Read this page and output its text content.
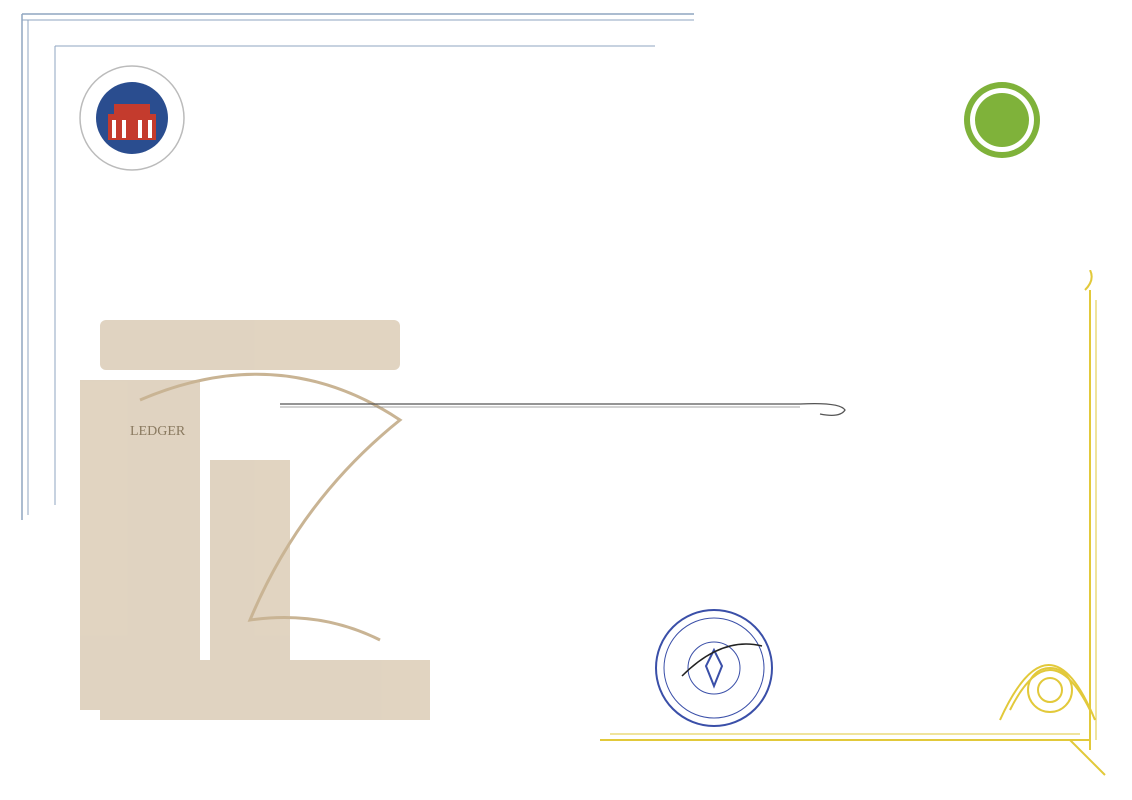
LEDGER
